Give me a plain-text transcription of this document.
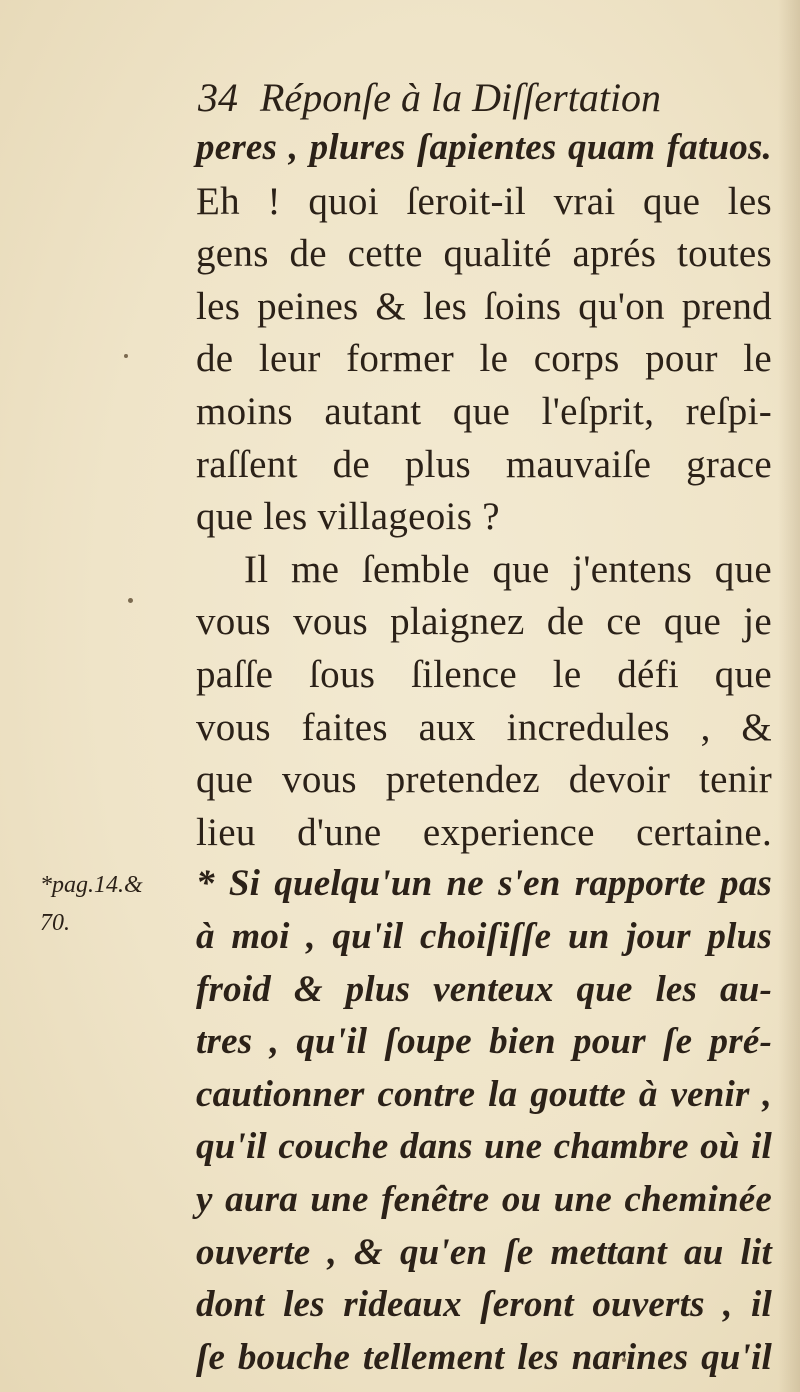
34 Réponſe à la Diſſertation
peres , plures ſapientes quam fatuos.
Eh ! quoi ſeroit-il vrai que les
gens de cette qualité aprés toutes
les peines & les ſoins qu'on prend
de leur former le corps pour le
moins autant que l'eſprit, reſpi-
raſſent de plus mauvaiſe grace
que les villageois ?
Il me ſemble que j'entens que
vous vous plaignez de ce que je
paſſe ſous ſilence le défi que
vous faites aux incredules , &
que vous pretendez devoir tenir
lieu d'une experience certaine.
*pag.14.&
70.
* Si quelqu'un ne s'en rapporte pas
à moi , qu'il choiſiſſe un jour plus
froid & plus venteux que les au-
tres , qu'il ſoupe bien pour ſe pré-
cautionner contre la goutte à venir ,
qu'il couche dans une chambre où il
y aura une fenêtre ou une cheminée
ouverte , & qu'en ſe mettant au lit
dont les rideaux ſeront ouverts , il
ſe bouche tellement les narines qu'il
